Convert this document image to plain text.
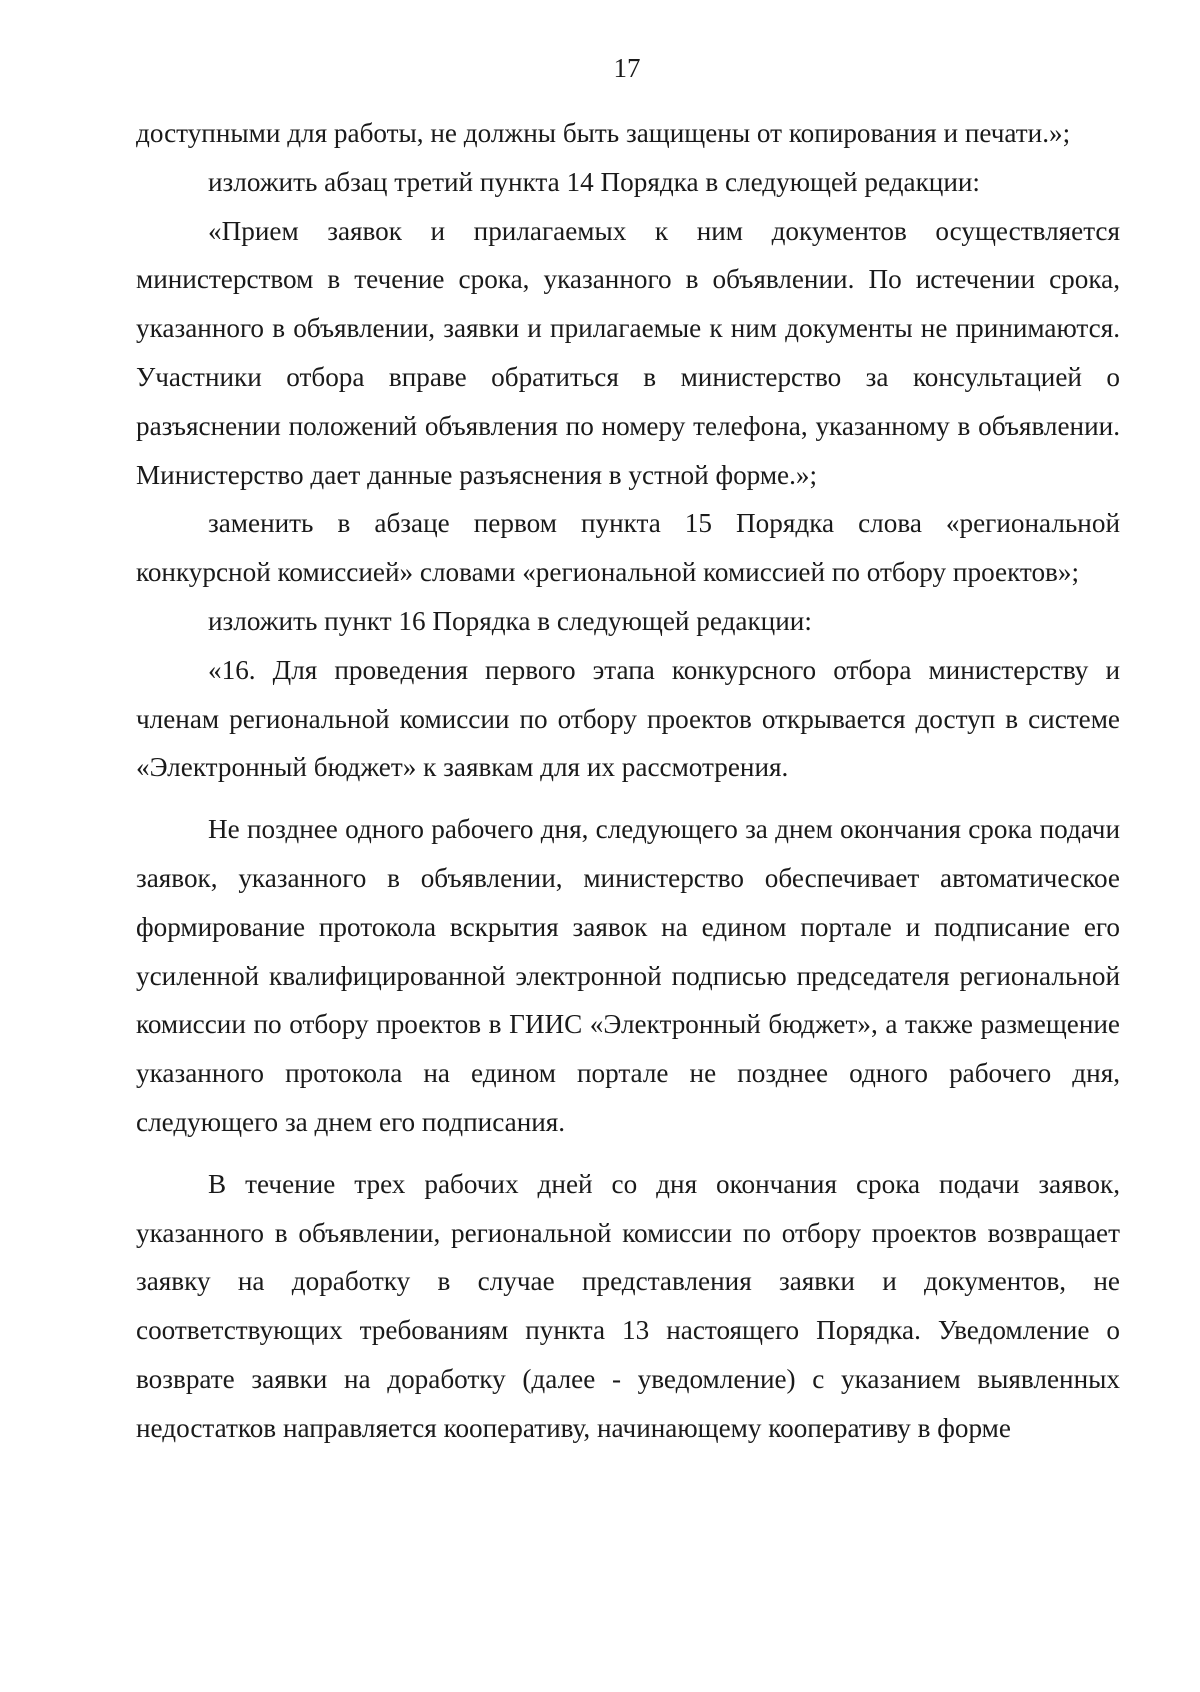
17

доступными для работы, не должны быть защищены от копирования и печати.»;

изложить абзац третий пункта 14 Порядка в следующей редакции:

«Прием заявок и прилагаемых к ним документов осуществляется министерством в течение срока, указанного в объявлении. По истечении срока, указанного в объявлении, заявки и прилагаемые к ним документы не принимаются. Участники отбора вправе обратиться в министерство за консультацией о разъяснении положений объявления по номеру телефона, указанному в объявлении. Министерство дает данные разъяснения в устной форме.»;

заменить в абзаце первом пункта 15 Порядка слова «региональной конкурсной комиссией» словами «региональной комиссией по отбору проектов»;

изложить пункт 16 Порядка в следующей редакции:

«16. Для проведения первого этапа конкурсного отбора министерству и членам региональной комиссии по отбору проектов открывается доступ в системе «Электронный бюджет» к заявкам для их рассмотрения.

Не позднее одного рабочего дня, следующего за днем окончания срока подачи заявок, указанного в объявлении, министерство обеспечивает автоматическое формирование протокола вскрытия заявок на едином портале и подписание его усиленной квалифицированной электронной подписью председателя региональной комиссии по отбору проектов в ГИИС «Электронный бюджет», а также размещение указанного протокола на едином портале не позднее одного рабочего дня, следующего за днем его подписания.

В течение трех рабочих дней со дня окончания срока подачи заявок, указанного в объявлении, региональной комиссии по отбору проектов возвращает заявку на доработку в случае представления заявки и документов, не соответствующих требованиям пункта 13 настоящего Порядка. Уведомление о возврате заявки на доработку (далее - уведомление) с указанием выявленных недостатков направляется кооперативу, начинающему кооперативу в форме
